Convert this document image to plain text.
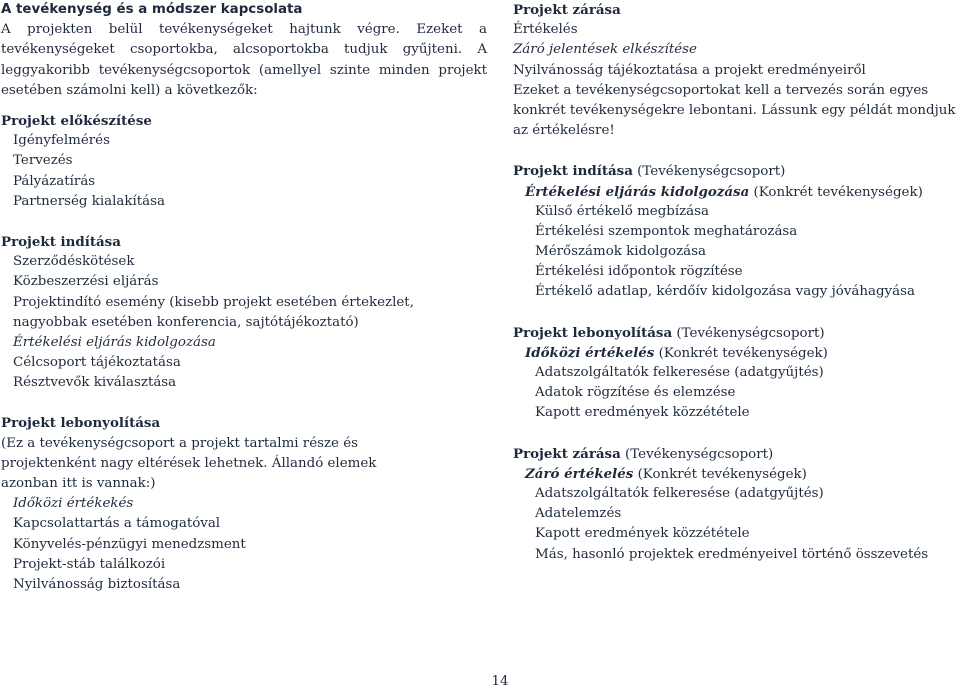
A tevékenység és a módszer kapcsolata
A projekten belül tevékenységeket hajtunk végre. Ezeket a tevékenységeket csoportokba, alcsoportokba tudjuk gyűjteni. A leggyakoribb tevékenységcsoportok (amellyel szinte minden projekt esetében számolni kell) a következők:
Projekt előkészítése
Igényfelmérés
Tervezés
Pályázatírás
Partnerség kialakítása
Projekt indítása
Szerződéskötések
Közbeszerzési eljárás
Projektindító esemény (kisebb projekt esetében értekezlet,
nagyobbak esetében konferencia, sajtótájékoztató)
Értékelési eljárás kidolgozása
Célcsoport tájékoztatása
Résztvevők kiválasztása
Projekt lebonyolítása
(Ez a tevékenységcsoport a projekt tartalmi része és projektenként nagy eltérések lehetnek. Állandó elemek azonban itt is vannak:)
Időközi értékekés
Kapcsolattartás a támogatóval
Könyvelés-pénzügyi menedzsment
Projekt-stáb találkozói
Nyilvánosság biztosítása
Projekt zárása
Értékelés
Záró jelentések elkészítése
Nyilvánosság tájékoztatása a projekt eredményeiről
Ezeket a tevékenységcsoportokat kell a tervezés során egyes konkrét tevékenységekre lebontani. Lássunk egy példát mondjuk az értékelésre!
Projekt indítása (Tevékenységcsoport)
Értékelési eljárás kidolgozása (Konkrét tevékenységek)
Külső értékelő megbízása
Értékelési szempontok meghatározása
Mérőszámok kidolgozása
Értékelési időpontok rögzítése
Értékelő adatlap, kérdőív kidolgozása vagy jóváhagyása
Projekt lebonyolítása (Tevékenységcsoport)
Időközi értékelés (Konkrét tevékenységek)
Adatszolgáltatók felkeresése (adatgyűjtés)
Adatok rögzítése és elemzése
Kapott eredmények közzététele
Projekt zárása (Tevékenységcsoport)
Záró értékelés (Konkrét tevékenységek)
Adatszolgáltatók felkeresése (adatgyűjtés)
Adatelemzés
Kapott eredmények közzététele
Más, hasonló projektek eredményeivel történő összevetés
14
